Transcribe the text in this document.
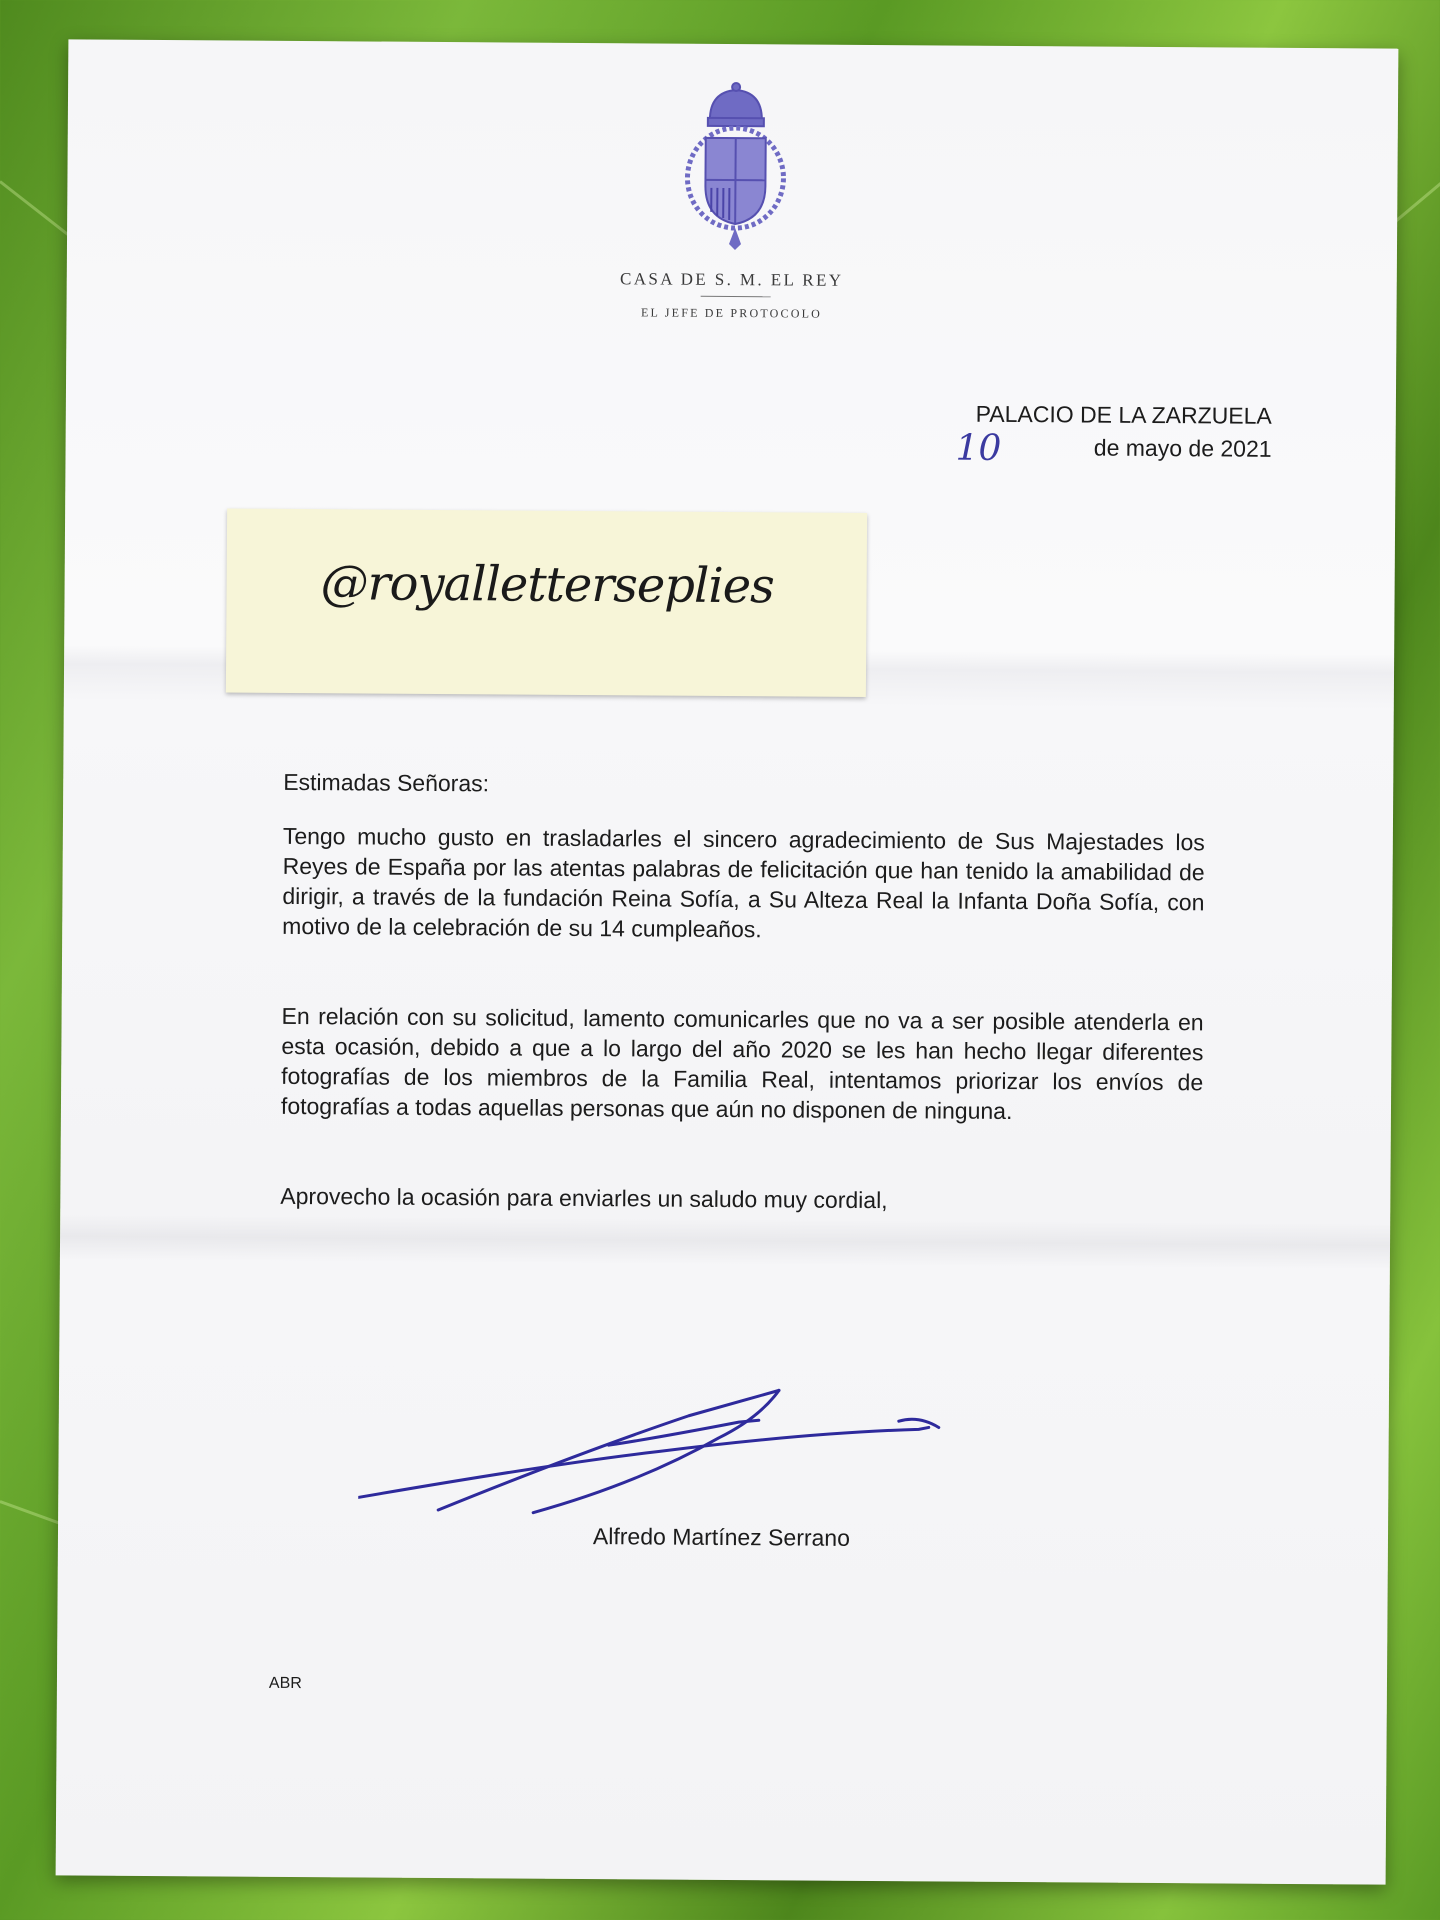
CASA DE S. M. EL REY
EL JEFE DE PROTOCOLO
PALACIO DE LA ZARZUELA
10	de mayo de 2021
@royalletterseplies
Estimadas Señoras:
Tengo mucho gusto en trasladarles el sincero agradecimiento de Sus Majestades los Reyes de España por las atentas palabras de felicitación que han tenido la amabilidad de dirigir, a través de la fundación Reina Sofía, a Su Alteza Real la Infanta Doña Sofía, con motivo de la celebración de su 14 cumpleaños.
En relación con su solicitud, lamento comunicarles que no va a ser posible atenderla en esta ocasión, debido a que a lo largo del año 2020 se les han hecho llegar diferentes fotografías de los miembros de la Familia Real, intentamos priorizar los envíos de fotografías a todas aquellas personas que aún no disponen de ninguna.
Aprovecho la ocasión para enviarles un saludo muy cordial,
Alfredo Martínez Serrano
ABR
